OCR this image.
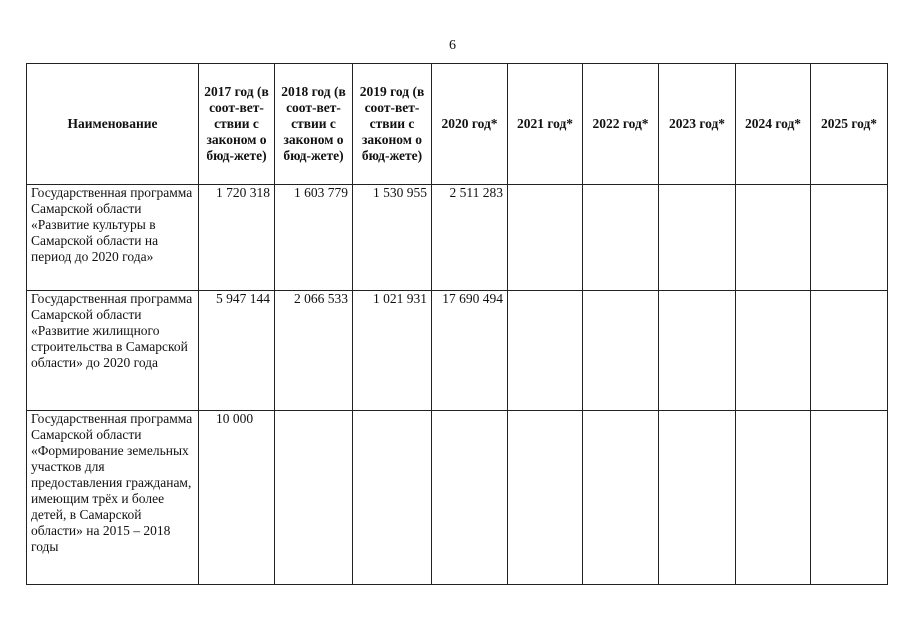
6
Наименование	2017 год (в соот-вет-ствии с законом о бюд-жете)	2018 год (в соот-вет-ствии с законом о бюд-жете)	2019 год (в соот-вет-ствии с законом о бюд-жете)	2020 год*	2021 год*	2022 год*	2023 год*	2024 год*	2025 год*

Государственная программа Самарской области «Развитие культуры в Самарской области на период до 2020 года»	1 720 318	1 603 779	1 530 955	2 511 283					
Государственная программа Самарской области «Развитие жилищного строительства в Самарской области» до 2020 года	5 947 144	2 066 533	1 021 931	17 690 494					
Государственная программа Самарской области «Формирование земельных участков для предоставления гражданам, имеющим трёх и более детей, в Самарской области» на 2015 – 2018 годы	10 000								
